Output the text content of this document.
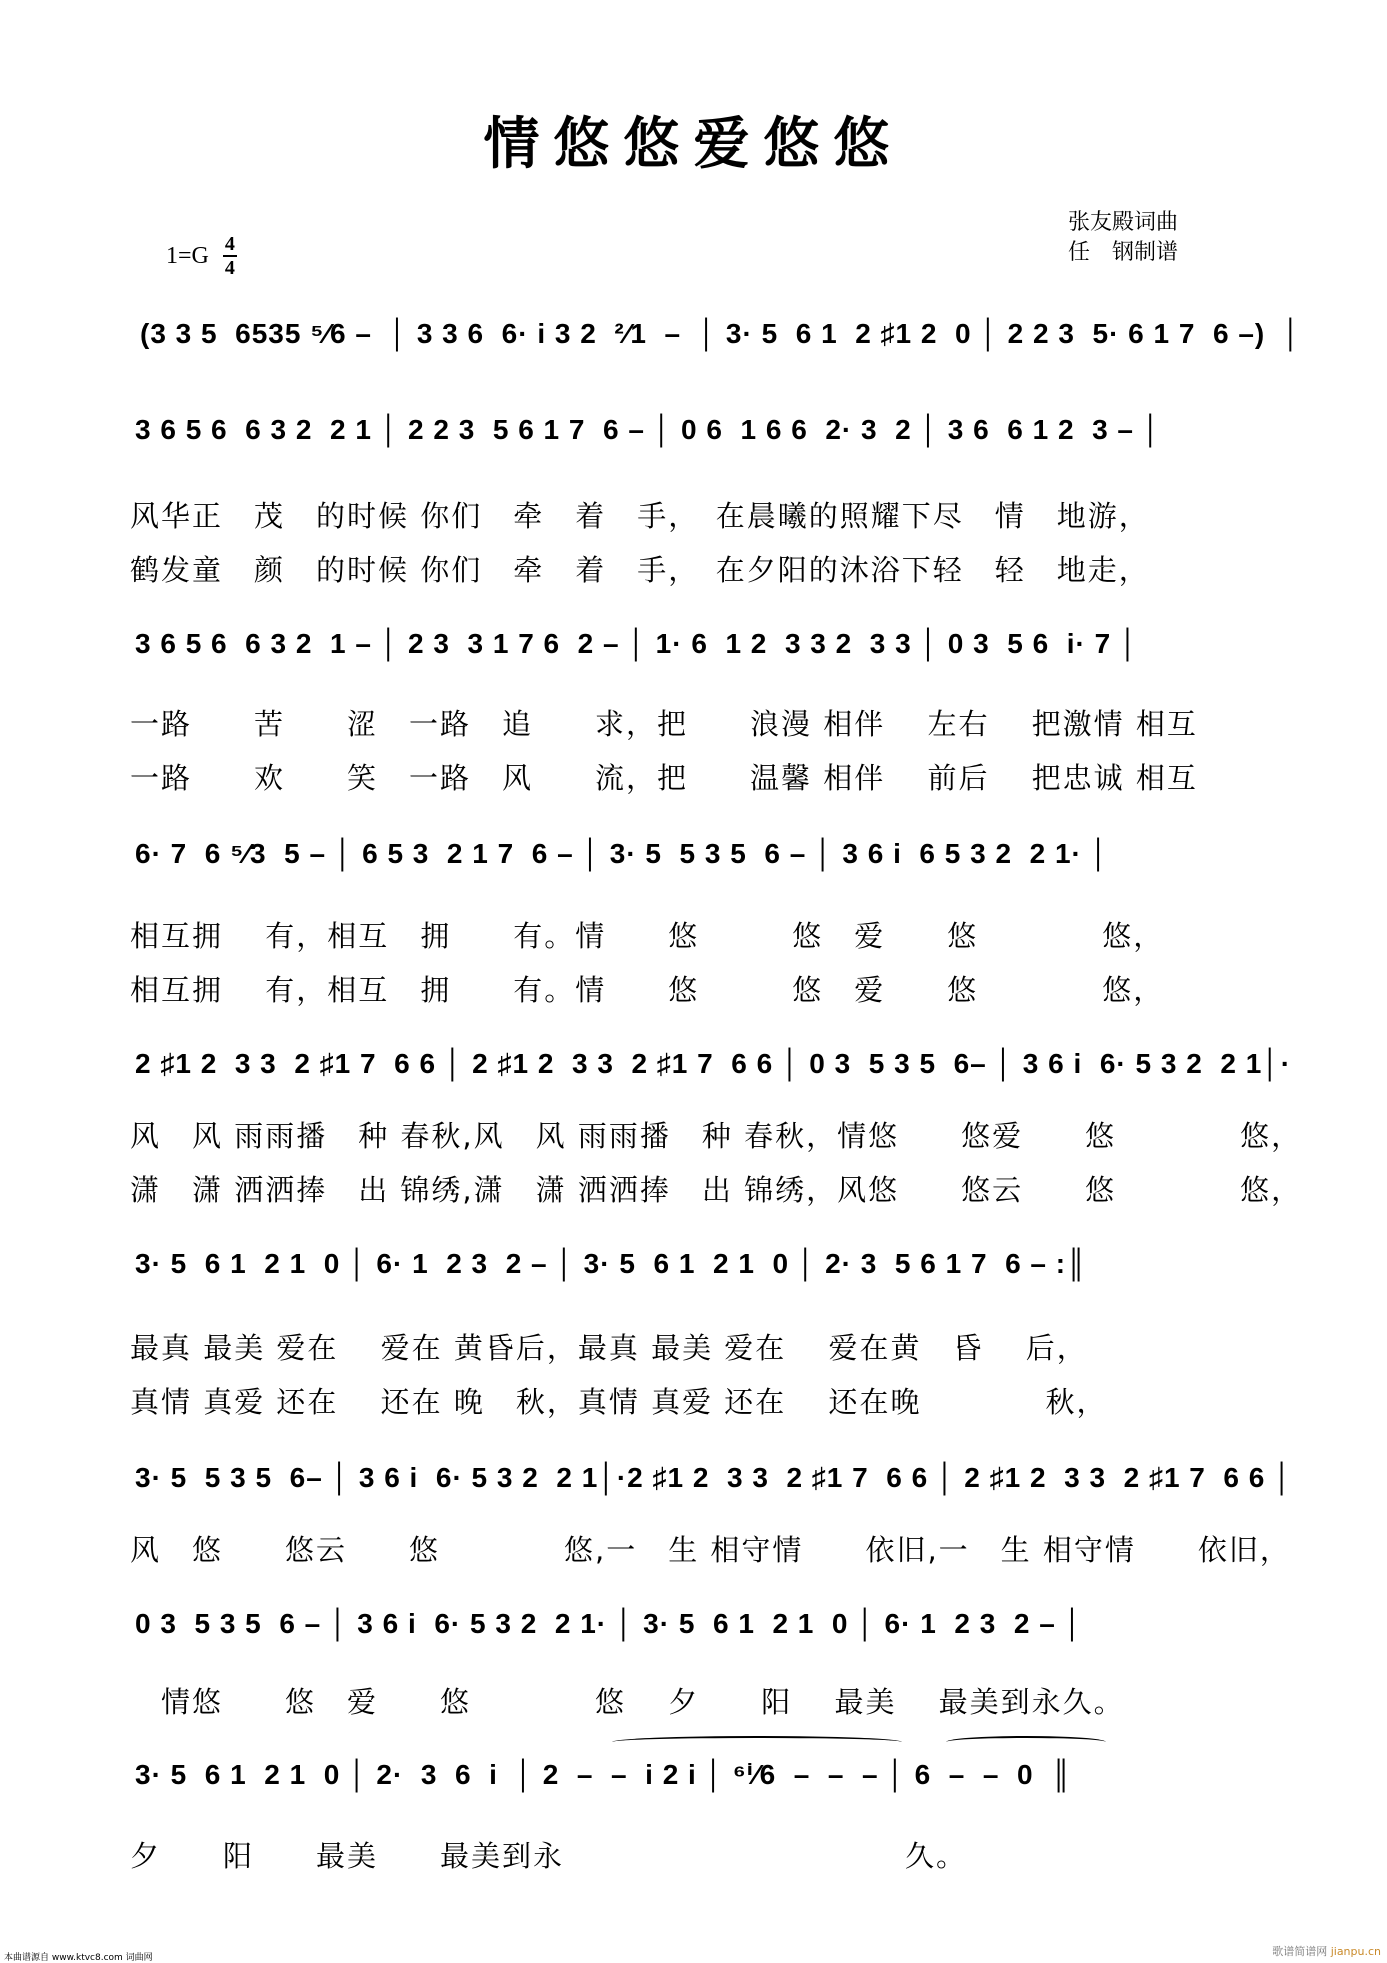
情悠悠爱悠悠
张友殿词曲
任　钢制谱
1=G 4
4
(3 3 5  6535 ⁵⁄6 –  │ 3 3 6  6· i 3 2  ²⁄1  –  │ 3· 5  6 1  2 ♯1 2  0 │ 2 2 3  5· 6 1 7  6 –)  │
3 6 5 6  6 3 2  2 1 │ 2 2 3  5 6 1 7  6 – │ 0 6  1 6 6  2· 3  2 │ 3 6  6 1 2  3 – │
风华正　茂　的时候 你们　牵　着　手，　在晨曦的照耀下尽　情　地游，
鹤发童　颜　的时候 你们　牵　着　手，　在夕阳的沐浴下轻　轻　地走，
3 6 5 6  6 3 2  1 – │ 2 3  3 1 7 6  2 – │ 1· 6  1 2  3 3 2  3 3 │ 0 3  5 6  i· 7 │
一路　　苦　　涩　一路　追　　求，把　　浪漫 相伴　 左右　 把激情 相互
一路　　欢　　笑　一路　风　　流，把　　温馨 相伴　 前后　 把忠诚 相互
6· 7  6 ⁵⁄3  5 – │ 6 5 3  2 1 7  6 – │ 3· 5  5 3 5  6 – │ 3 6 i  6 5 3 2  2 1· │
相互拥　 有，相互　拥　　有。情　　悠　　　悠　爱　　悠　　　　悠，
相互拥　 有，相互　拥　　有。情　　悠　　　悠　爱　　悠　　　　悠，
2 ♯1 2  3 3  2 ♯1 7  6 6 │ 2 ♯1 2  3 3  2 ♯1 7  6 6 │ 0 3  5 3 5  6– │ 3 6 i  6· 5 3 2  2 1│·
风　风 雨雨播　种 春秋,风　风 雨雨播　种 春秋，情悠　　悠爱　　悠　　　　悠，
潇　潇 洒洒捧　出 锦绣,潇　潇 洒洒捧　出 锦绣，风悠　　悠云　　悠　　　　悠，
3· 5  6 1  2 1  0 │ 6· 1  2 3  2 – │ 3· 5  6 1  2 1  0 │ 2· 3  5 6 1 7  6 – :║
最真 最美 爱在　 爱在 黄昏后，最真 最美 爱在　 爱在黄　昏　 后，
真情 真爱 还在　 还在 晚　秋，真情 真爱 还在　 还在晚　　　　秋，
3· 5  5 3 5  6– │ 3 6 i  6· 5 3 2  2 1│·2 ♯1 2  3 3  2 ♯1 7  6 6 │ 2 ♯1 2  3 3  2 ♯1 7  6 6 │
风　悠　　悠云　　悠　　　　悠,一　生 相守情　　依旧,一　生 相守情　　依旧，
0 3  5 3 5  6 – │ 3 6 i  6· 5 3 2  2 1· │ 3· 5  6 1  2 1  0 │ 6· 1  2 3  2 – │
　情悠　　悠　爱　　悠　　　　悠　 夕　　阳　 最美　 最美到永久。
3· 5  6 1  2 1  0 │ 2·  3  6  i  │ 2  –  –  i 2 i │ ⁶ⁱ⁄6  –  –  – │ 6  –  –  0  ║
夕　　阳　　最美　　最美到永　　　　　　　　　　　久。
本曲谱源自 www.ktvc8.com 词曲网	歌谱简谱网 jianpu.cn
